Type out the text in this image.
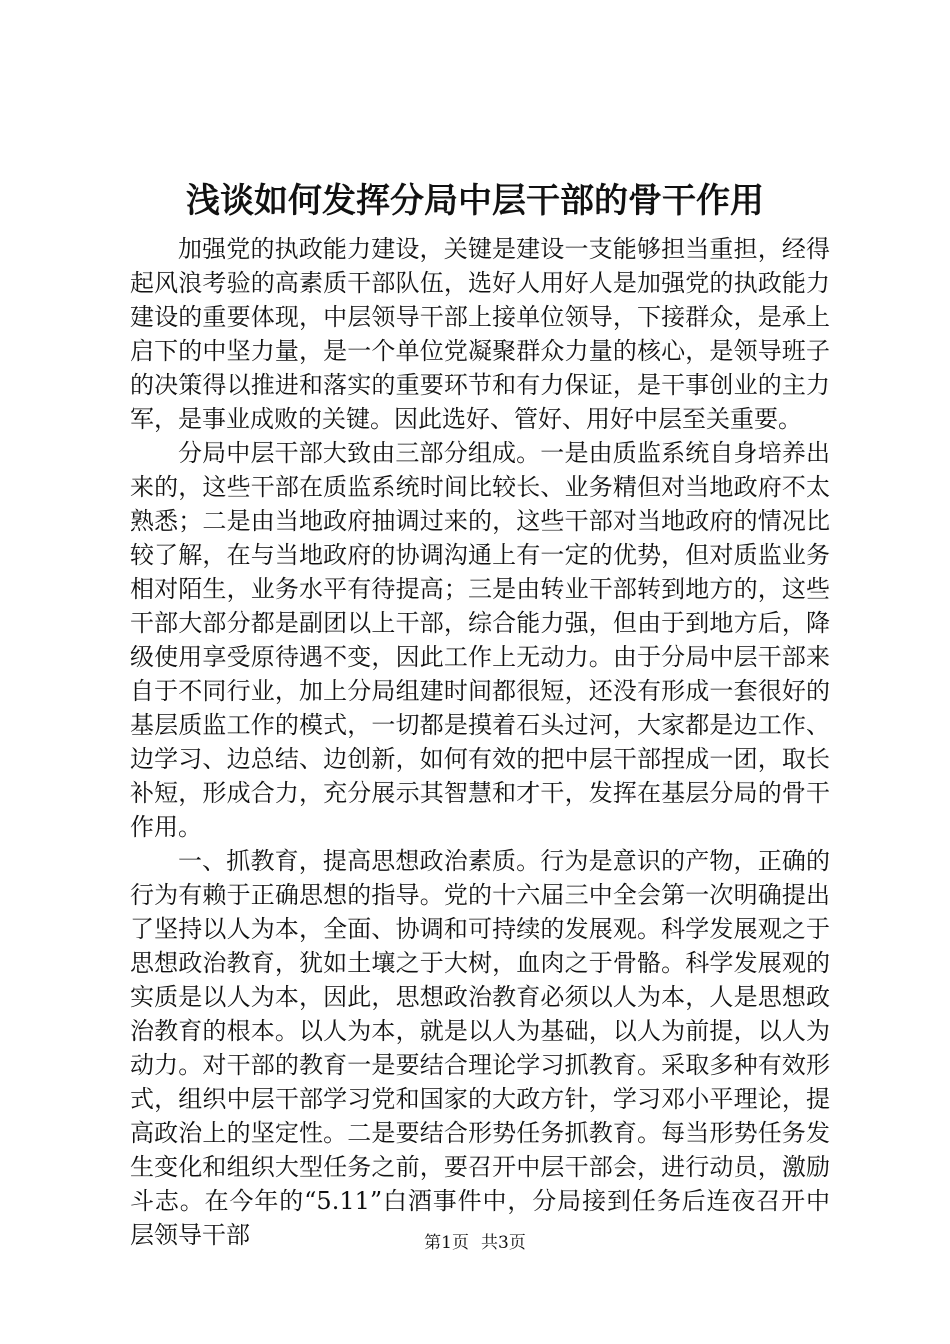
浅谈如何发挥分局中层干部的骨干作用

加强党的执政能力建设，关键是建设一支能够担当重担，经得起风浪考验的高素质干部队伍，选好人用好人是加强党的执政能力建设的重要体现，中层领导干部上接单位领导，下接群众，是承上启下的中坚力量，是一个单位党凝聚群众力量的核心，是领导班子的决策得以推进和落实的重要环节和有力保证，是干事创业的主力军，是事业成败的关键。因此选好、管好、用好中层至关重要。

分局中层干部大致由三部分组成。一是由质监系统自身培养出来的，这些干部在质监系统时间比较长、业务精但对当地政府不太熟悉；二是由当地政府抽调过来的，这些干部对当地政府的情况比较了解，在与当地政府的协调沟通上有一定的优势，但对质监业务相对陌生，业务水平有待提高；三是由转业干部转到地方的，这些干部大部分都是副团以上干部，综合能力强，但由于到地方后，降级使用享受原待遇不变，因此工作上无动力。由于分局中层干部来自于不同行业，加上分局组建时间都很短，还没有形成一套很好的基层质监工作的模式，一切都是摸着石头过河，大家都是边工作、边学习、边总结、边创新，如何有效的把中层干部捏成一团，取长补短，形成合力，充分展示其智慧和才干，发挥在基层分局的骨干作用。

一、抓教育，提高思想政治素质。行为是意识的产物，正确的行为有赖于正确思想的指导。党的十六届三中全会第一次明确提出了坚持以人为本，全面、协调和可持续的发展观。科学发展观之于思想政治教育，犹如土壤之于大树，血肉之于骨骼。科学发展观的实质是以人为本，因此，思想政治教育必须以人为本，人是思想政治教育的根本。以人为本，就是以人为基础，以人为前提，以人为动力。对干部的教育一是要结合理论学习抓教育。采取多种有效形式，组织中层干部学习党和国家的大政方针，学习邓小平理论，提高政治上的坚定性。二是要结合形势任务抓教育。每当形势任务发生变化和组织大型任务之前，要召开中层干部会，进行动员，激励斗志。在今年的“5.11”白酒事件中，分局接到任务后连夜召开中层领导干部	第1页 共3页
